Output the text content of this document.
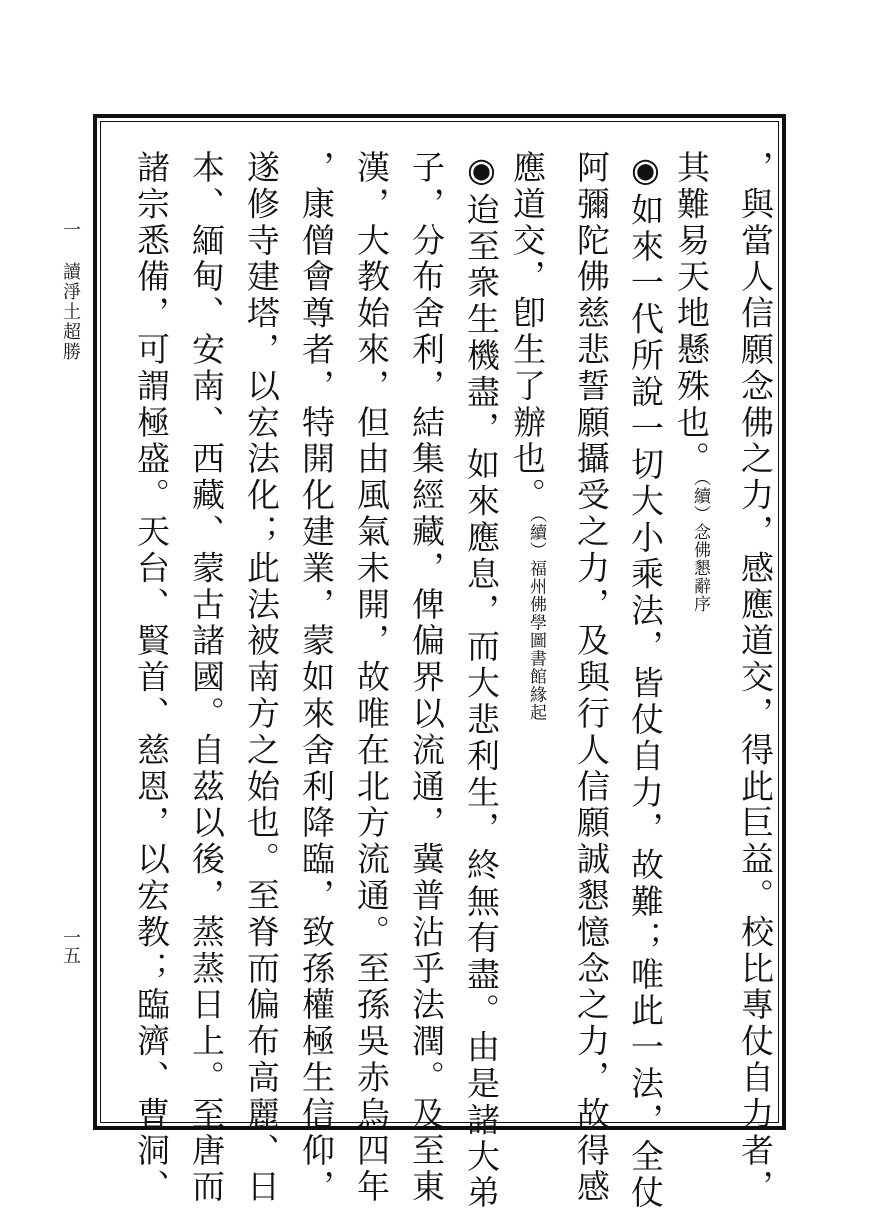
一
讀淨土超勝
一五	，與當人信願念佛之力，感應道交，得此巨益。校比專仗自力者，
其難易天地懸殊也。（續）念佛懇辭序
◉如來一代所說一切大小乘法，皆仗自力，故難；唯此一法，全仗
阿彌陀佛慈悲誓願攝受之力，及與行人信願誠懇憶念之力，故得感
應道交，卽生了辦也。（續）福州佛學圖書館緣起
◉迨至衆生機盡，如來應息，而大悲利生，終無有盡。由是諸大弟
子，分布舍利，結集經藏，俾偏界以流通，冀普沾乎法潤。及至東
漢，大教始來，但由風氣未開，故唯在北方流通。至孫吳赤烏四年
，康僧會尊者，特開化建業，蒙如來舍利降臨，致孫權極生信仰，
遂修寺建塔，以宏法化；此法被南方之始也。至脊而偏布高麗、日
本、緬甸、安南、西藏、蒙古諸國。自茲以後，蒸蒸日上。至唐而
諸宗悉備，可謂極盛。天台、賢首、慈恩，以宏教；臨濟、曹洞、
